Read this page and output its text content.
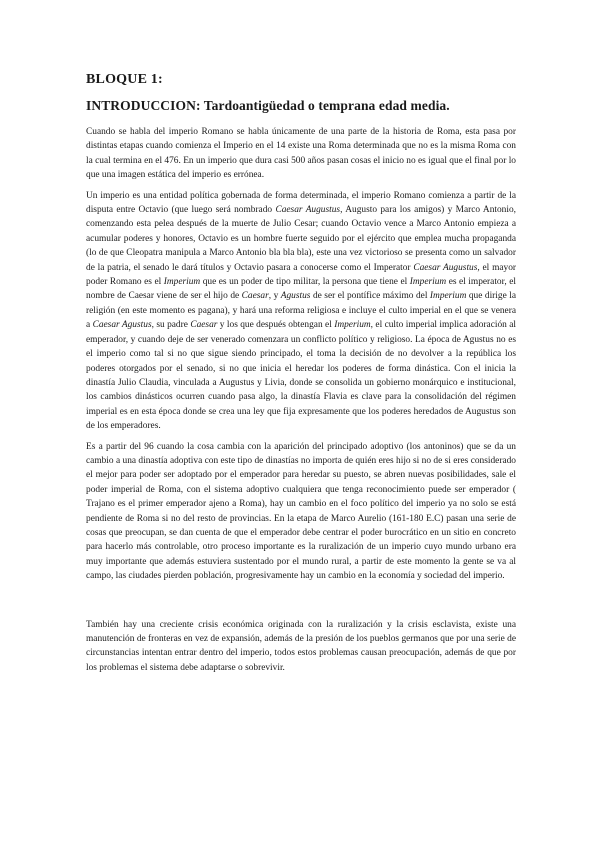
BLOQUE 1:
INTRODUCCION: Tardoantigüedad o temprana edad media.

Cuando se habla del imperio Romano se habla únicamente de una parte de la historia de Roma, esta pasa por distintas etapas cuando comienza el Imperio en el 14 existe una Roma determinada que no es la misma Roma con la cual termina en el 476. En un imperio que dura casi 500 años pasan cosas el inicio no es igual que el final por lo que una imagen estática del imperio es errónea.

Un imperio es una entidad política gobernada de forma determinada, el imperio Romano comienza a partir de la disputa entre Octavio (que luego será nombrado Caesar Augustus, Augusto para los amigos) y Marco Antonio, comenzando esta pelea después de la muerte de Julio Cesar; cuando Octavio vence a Marco Antonio empieza a acumular poderes y honores, Octavio es un hombre fuerte seguido por el ejército que emplea mucha propaganda (lo de que Cleopatra manipula a Marco Antonio bla bla bla), este una vez victorioso se presenta como un salvador de la patria, el senado le dará títulos y Octavio pasara a conocerse como el Imperator Caesar Augustus, el mayor poder Romano es el Imperium que es un poder de tipo militar, la persona que tiene el Imperium es el imperator, el nombre de Caesar viene de ser el hijo de Caesar, y Agustus de ser el pontífice máximo del Imperium que dirige la religión (en este momento es pagana), y hará una reforma religiosa e incluye el culto imperial en el que se venera a Caesar Agustus, su padre Caesar y los que después obtengan el Imperium, el culto imperial implica adoración al emperador, y cuando deje de ser venerado comenzara un conflicto político y religioso. La época de Agustus no es el imperio como tal si no que sigue siendo principado, el toma la decisión de no devolver a la república los poderes otorgados por el senado, si no que inicia el heredar los poderes de forma dinástica. Con el inicia la dinastía Julio Claudia, vinculada a Augustus y Livia, donde se consolida un gobierno monárquico e institucional, los cambios dinásticos ocurren cuando pasa algo, la dinastía Flavia es clave para la consolidación del régimen imperial es en esta época donde se crea una ley que fija expresamente que los poderes heredados de Augustus son de los emperadores.

Es a partir del 96 cuando la cosa cambia con la aparición del principado adoptivo (los antoninos) que se da un cambio a una dinastía adoptiva con este tipo de dinastías no importa de quién eres hijo si no de si eres considerado el mejor para poder ser adoptado por el emperador para heredar su puesto, se abren nuevas posibilidades, sale el poder imperial de Roma, con el sistema adoptivo cualquiera que tenga reconocimiento puede ser emperador ( Trajano es el primer emperador ajeno a Roma), hay un cambio en el foco político del imperio ya no solo se está pendiente de Roma si no del resto de provincias. En la etapa de Marco Aurelio (161-180 E.C) pasan una serie de cosas que preocupan, se dan cuenta de que el emperador debe centrar el poder burocrático en un sitio en concreto para hacerlo más controlable, otro proceso importante es la ruralización de un imperio cuyo mundo urbano era muy importante que además estuviera sustentado por el mundo rural, a partir de este momento la gente se va al campo, las ciudades pierden población, progresivamente hay un cambio en la economía y sociedad del imperio.

También hay una creciente crisis económica originada con la ruralización y la crisis esclavista, existe una manutención de fronteras en vez de expansión, además de la presión de los pueblos germanos que por una serie de circunstancias intentan entrar dentro del imperio, todos estos problemas causan preocupación, además de que por los problemas el sistema debe adaptarse o sobrevivir.
